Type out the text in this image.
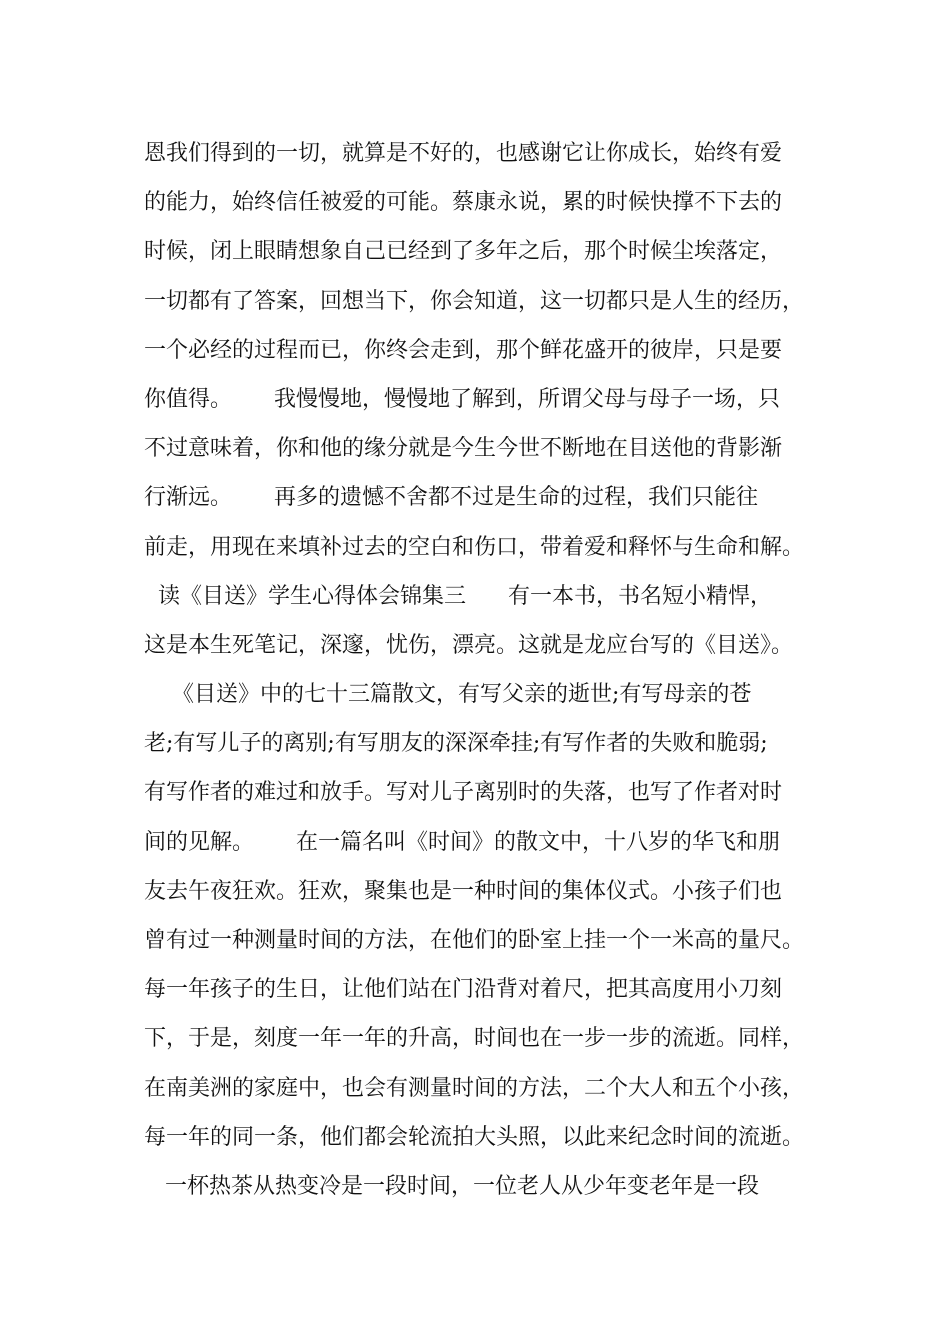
恩我们得到的一切，就算是不好的，也感谢它让你成长，始终有爱
的能力，始终信任被爱的可能。蔡康永说，累的时候快撑不下去的
时候，闭上眼睛想象自己已经到了多年之后，那个时候尘埃落定，
一切都有了答案，回想当下，你会知道，这一切都只是人生的经历，
一个必经的过程而已，你终会走到，那个鲜花盛开的彼岸，只是要
你值得。      我慢慢地，慢慢地了解到，所谓父母与母子一场，只
不过意味着，你和他的缘分就是今生今世不断地在目送他的背影渐
行渐远。      再多的遗憾不舍都不过是生命的过程，我们只能往
前走，用现在来填补过去的空白和伤口，带着爱和释怀与生命和解。
读《目送》学生心得体会锦集三      有一本书，书名短小精悍，
这是本生死笔记，深邃，忧伤，漂亮。这就是龙应台写的《目送》。
《目送》中的七十三篇散文，有写父亲的逝世;有写母亲的苍
老;有写儿子的离别;有写朋友的深深牵挂;有写作者的失败和脆弱;
有写作者的难过和放手。写对儿子离别时的失落，也写了作者对时
间的见解。      在一篇名叫《时间》的散文中，十八岁的华飞和朋
友去午夜狂欢。狂欢，聚集也是一种时间的集体仪式。小孩子们也
曾有过一种测量时间的方法，在他们的卧室上挂一个一米高的量尺。
每一年孩子的生日，让他们站在门沿背对着尺，把其高度用小刀刻
下，于是，刻度一年一年的升高，时间也在一步一步的流逝。同样，
在南美洲的家庭中，也会有测量时间的方法，二个大人和五个小孩，
每一年的同一条，他们都会轮流拍大头照，以此来纪念时间的流逝。
一杯热茶从热变冷是一段时间，一位老人从少年变老年是一段
